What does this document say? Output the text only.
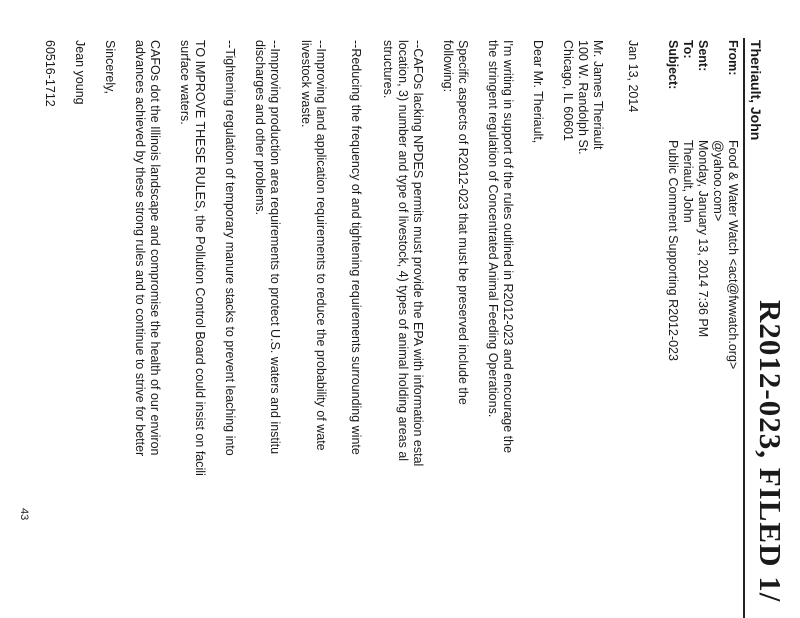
R2012-023, FILED 1/
Theriault, John
From:
Food & Water Watch <act@fwwatch.org>
@yahoo.com>
Sent:
Monday, January 13, 2014 7:36 PM
To:
Theriault, John
Subject:
Public Comment Supporting R2012-023
Jan 13, 2014
Mr. James Theriault
100 W. Randolph St.
Chicago, IL 60601
Dear Mr. Theriault,
I'm writing in support of the rules outlined in R2012-023 and encourage the
the stringent regulation of Concentrated Animal Feeding Operations.
Specific aspects of R2012-023 that must be preserved include the
following:
--CAFOs lacking NPDES permits must provide the EPA with information estal
location, 3) number and type of livestock, 4) types of animal holding areas al
structures.
--Reducing the frequency of and tightening requirements surrounding winte
--Improving land application requirements to reduce the probability of wate
livestock waste.
--Improving production area requirements to protect U.S. waters and institu
discharges and other problems.
--Tightening regulation of temporary manure stacks to prevent leaching into
TO IMPROVE THESE RULES, the Pollution Control Board could insist on facili
surface waters.
CAFOs dot the Illinois landscape and compromise the health of our environ
advances achieved by these strong rules and to continue to strive for better
Sincerely,
Jean young
60516-1712
43
